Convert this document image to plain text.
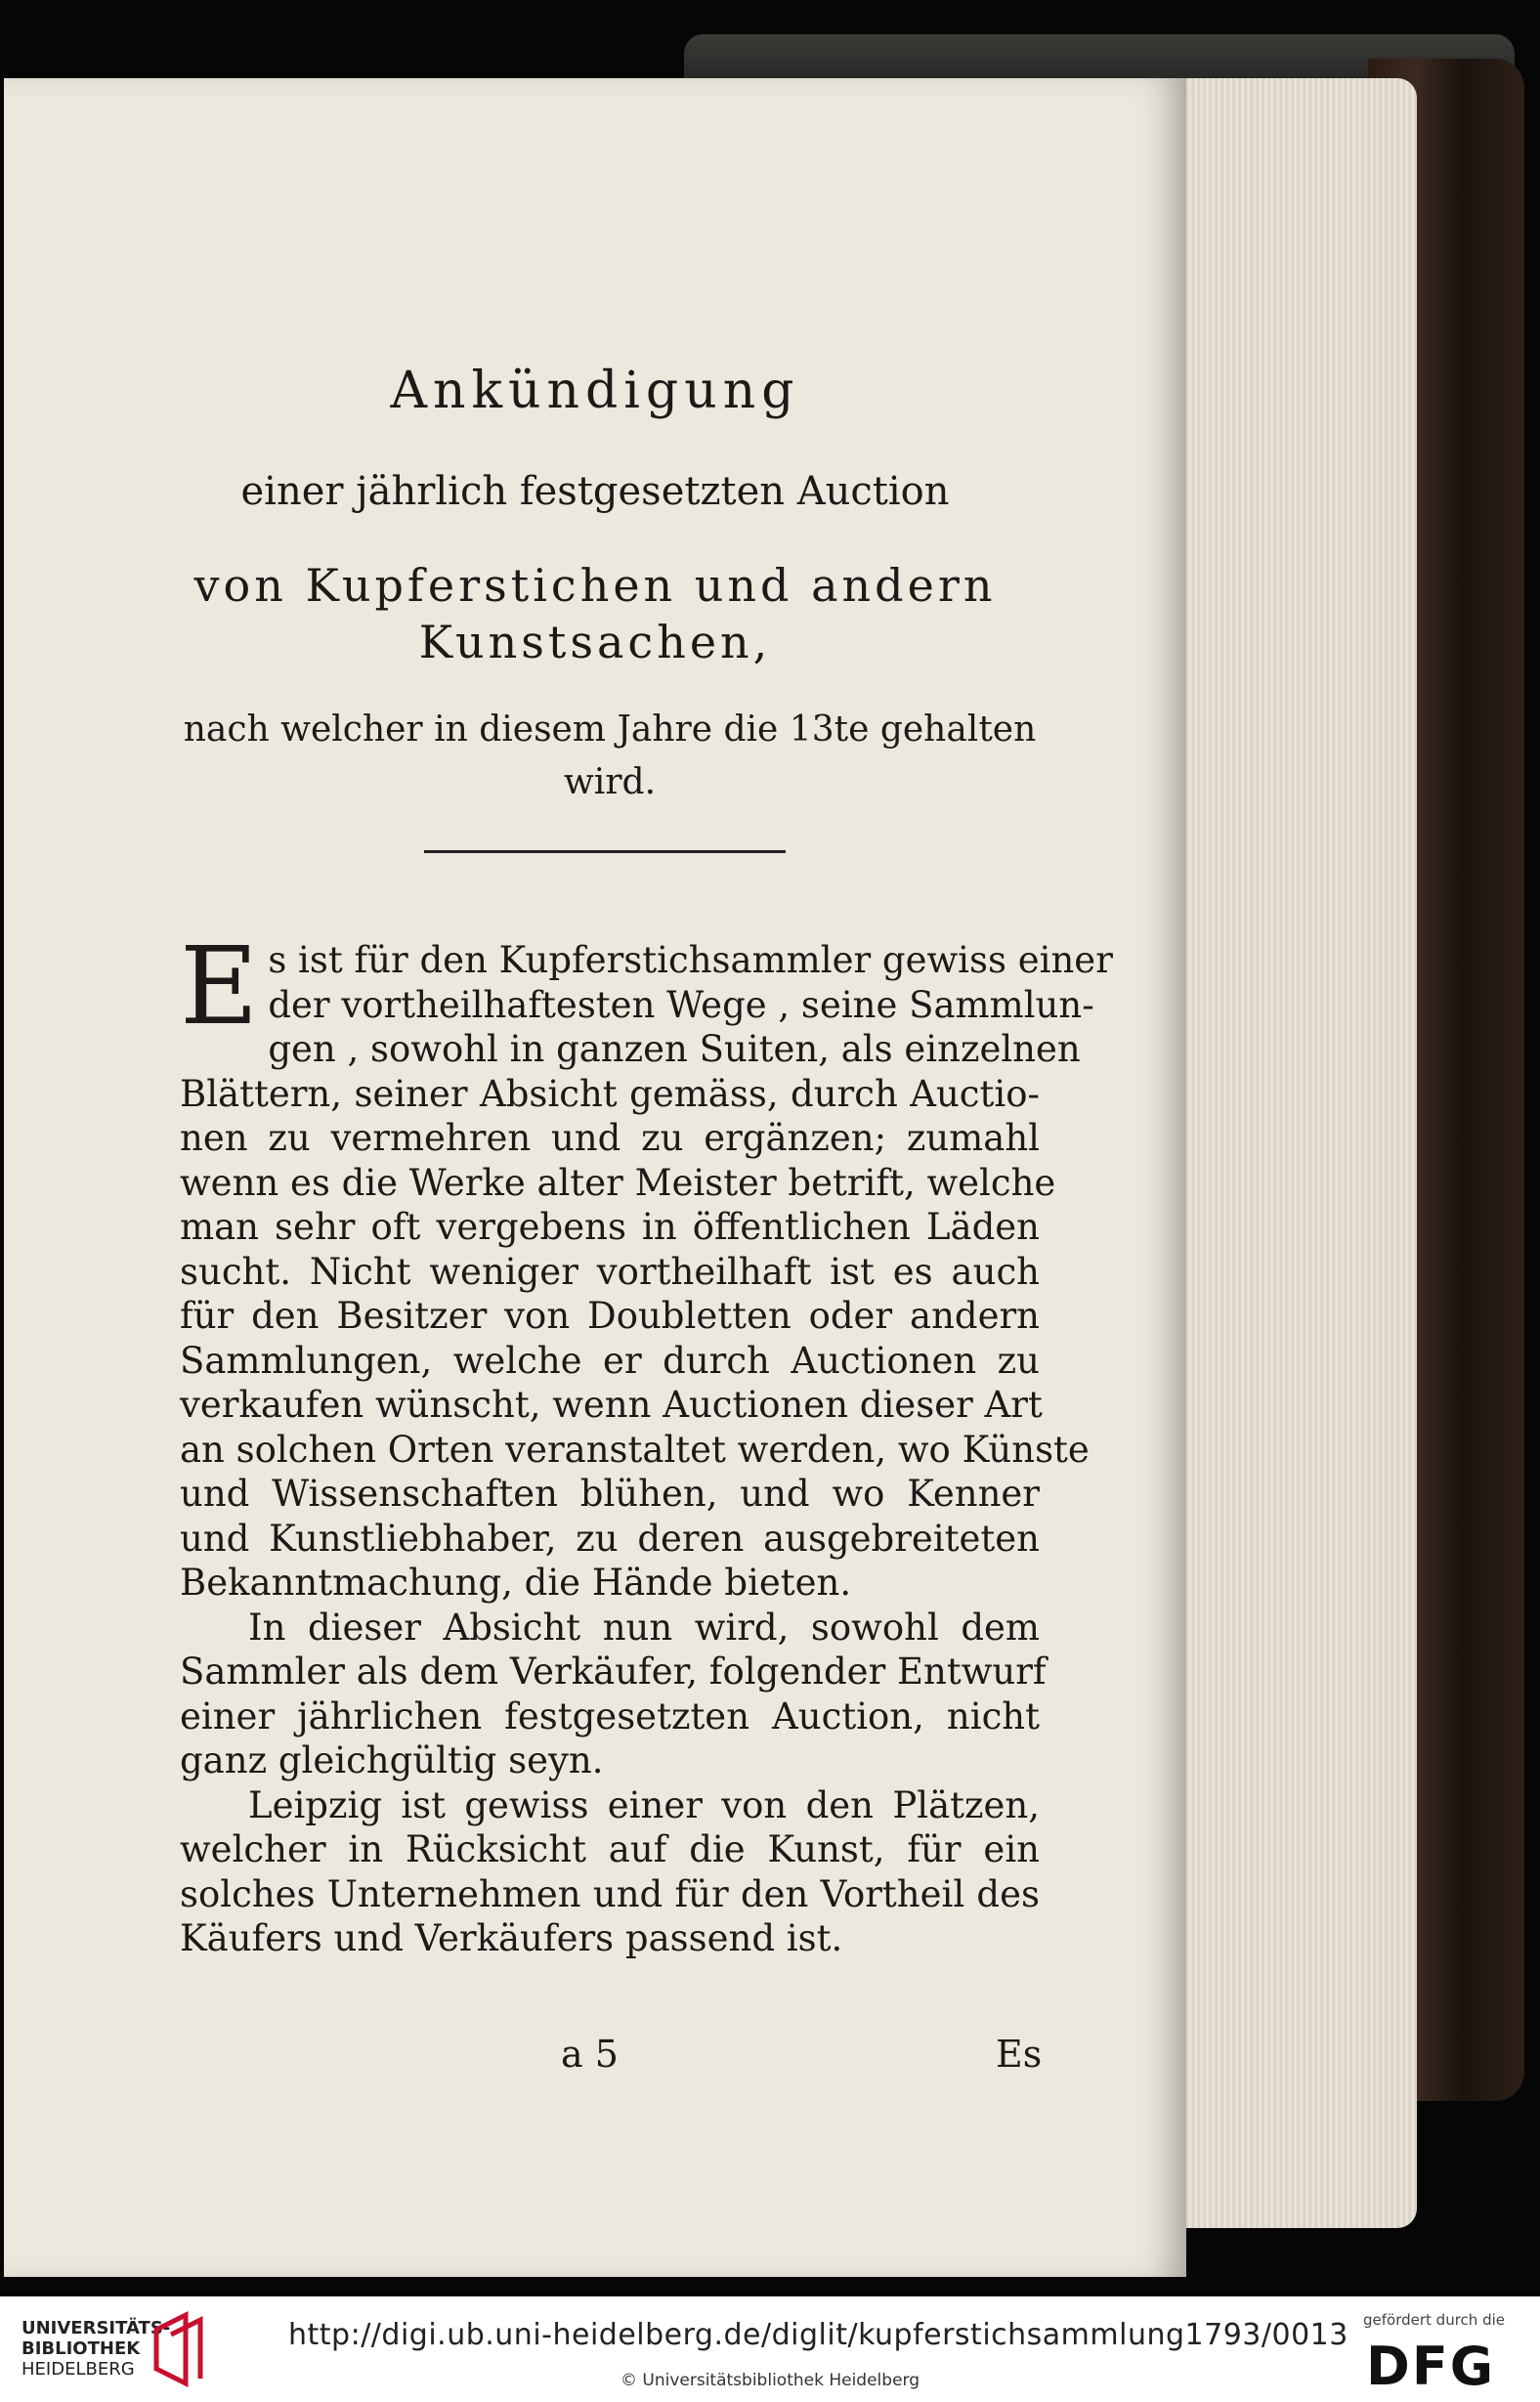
Ankündigung
einer jährlich festgesetzten Auction
von Kupferstichen und andern
Kunstsachen,
nach welcher in diesem Jahre die 13te gehalten
wird.

E s ist für den Kupferstichsammler gewiss einer
der vortheilhaftesten Wege , seine Sammlun-
gen , sowohl in ganzen Suiten, als einzelnen
Blättern, seiner Absicht gemäss, durch Auctio-
nen zu vermehren und zu ergänzen; zumahl
wenn es die Werke alter Meister betrift, welche
man sehr oft vergebens in öffentlichen Läden
sucht. Nicht weniger vortheilhaft ist es auch
für den Besitzer von Doubletten oder andern
Sammlungen, welche er durch Auctionen zu
verkaufen wünscht, wenn Auctionen dieser Art
an solchen Orten veranstaltet werden, wo Künste
und Wissenschaften blühen, und wo Kenner
und Kunstliebhaber, zu deren ausgebreiteten
Bekanntmachung, die Hände bieten.

In dieser Absicht nun wird, sowohl dem
Sammler als dem Verkäufer, folgender Entwurf
einer jährlichen festgesetzten Auction, nicht
ganz gleichgültig seyn.

Leipzig ist gewiss einer von den Plätzen,
welcher in Rücksicht auf die Kunst, für ein
solches Unternehmen und für den Vortheil des
Käufers und Verkäufers passend ist.

a 5	Es
UNIVERSITÄTS-
BIBLIOTHEK
HEIDELBERG
http://digi.ub.uni-heidelberg.de/diglit/kupferstichsammlung1793/0013
© Universitätsbibliothek Heidelberg
gefördert durch die
DFG
